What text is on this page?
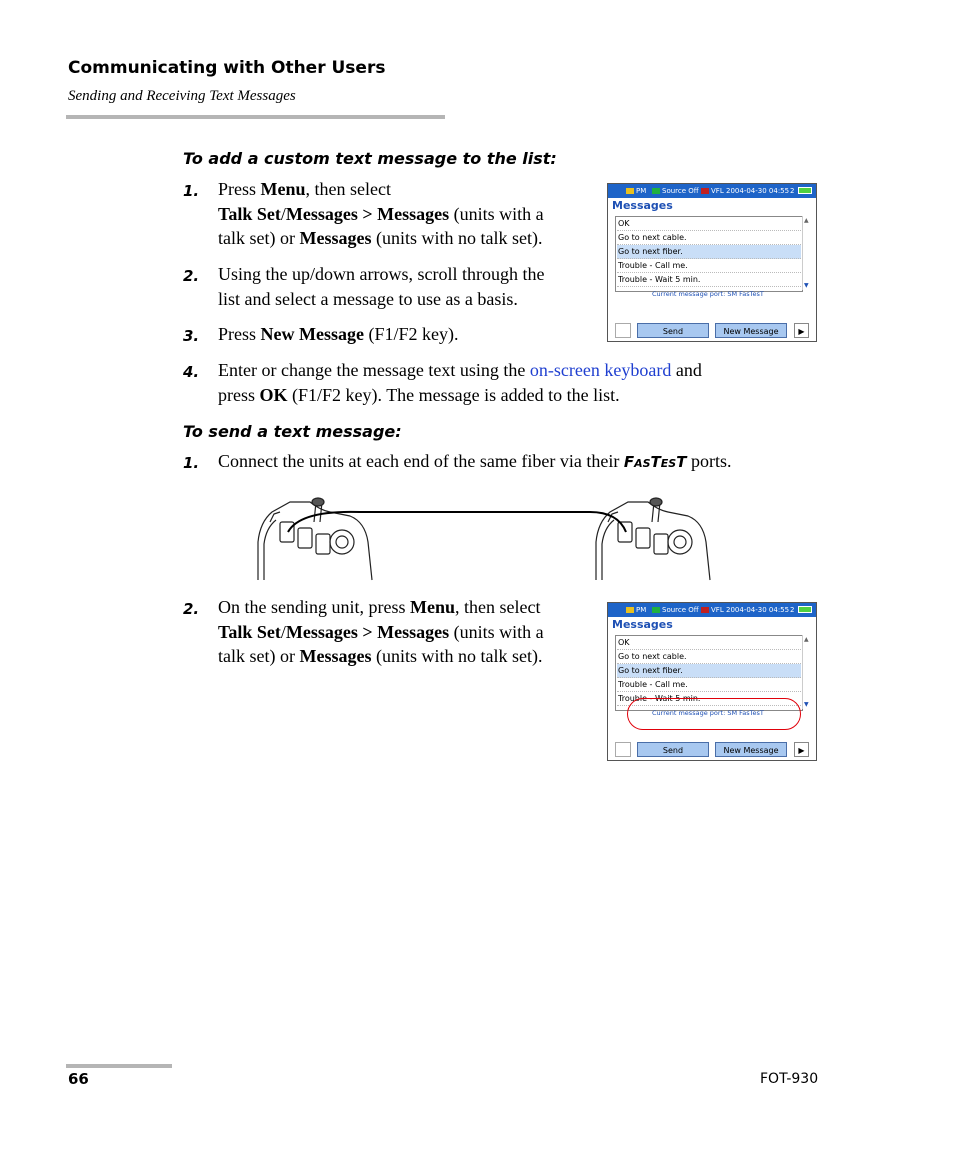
Communicating with Other Users
Sending and Receiving Text Messages
To add a custom text message to the list:
1. Press Menu, then select
Talk Set/Messages > Messages (units with a
talk set) or Messages (units with no talk set).
2. Using the up/down arrows, scroll through the
list and select a message to use as a basis.
3. Press New Message (F1/F2 key).
4. Enter or change the message text using the on-screen keyboard and
press OK (F1/F2 key). The message is added to the list.
PM	Source Off	VFL 2004-04-30 04:55 2
Messages
OK
Go to next cable.
Go to next fiber.
Trouble - Call me.
Trouble - Wait 5 min.
▲
▼
Current message port: SM FasTesT
Send	New Message	▶
To send a text message:
1. Connect the units at each end of the same fiber via their FASTEST ports.
2. On the sending unit, press Menu, then select
Talk Set/Messages > Messages (units with a
talk set) or Messages (units with no talk set).
PM	Source Off	VFL 2004-04-30 04:55 2
Messages
OK
Go to next cable.
Go to next fiber.
Trouble - Call me.
Trouble - Wait 5 min.
▲
▼
Current message port: SM FasTesT
Send	New Message	▶
66	FOT-930
